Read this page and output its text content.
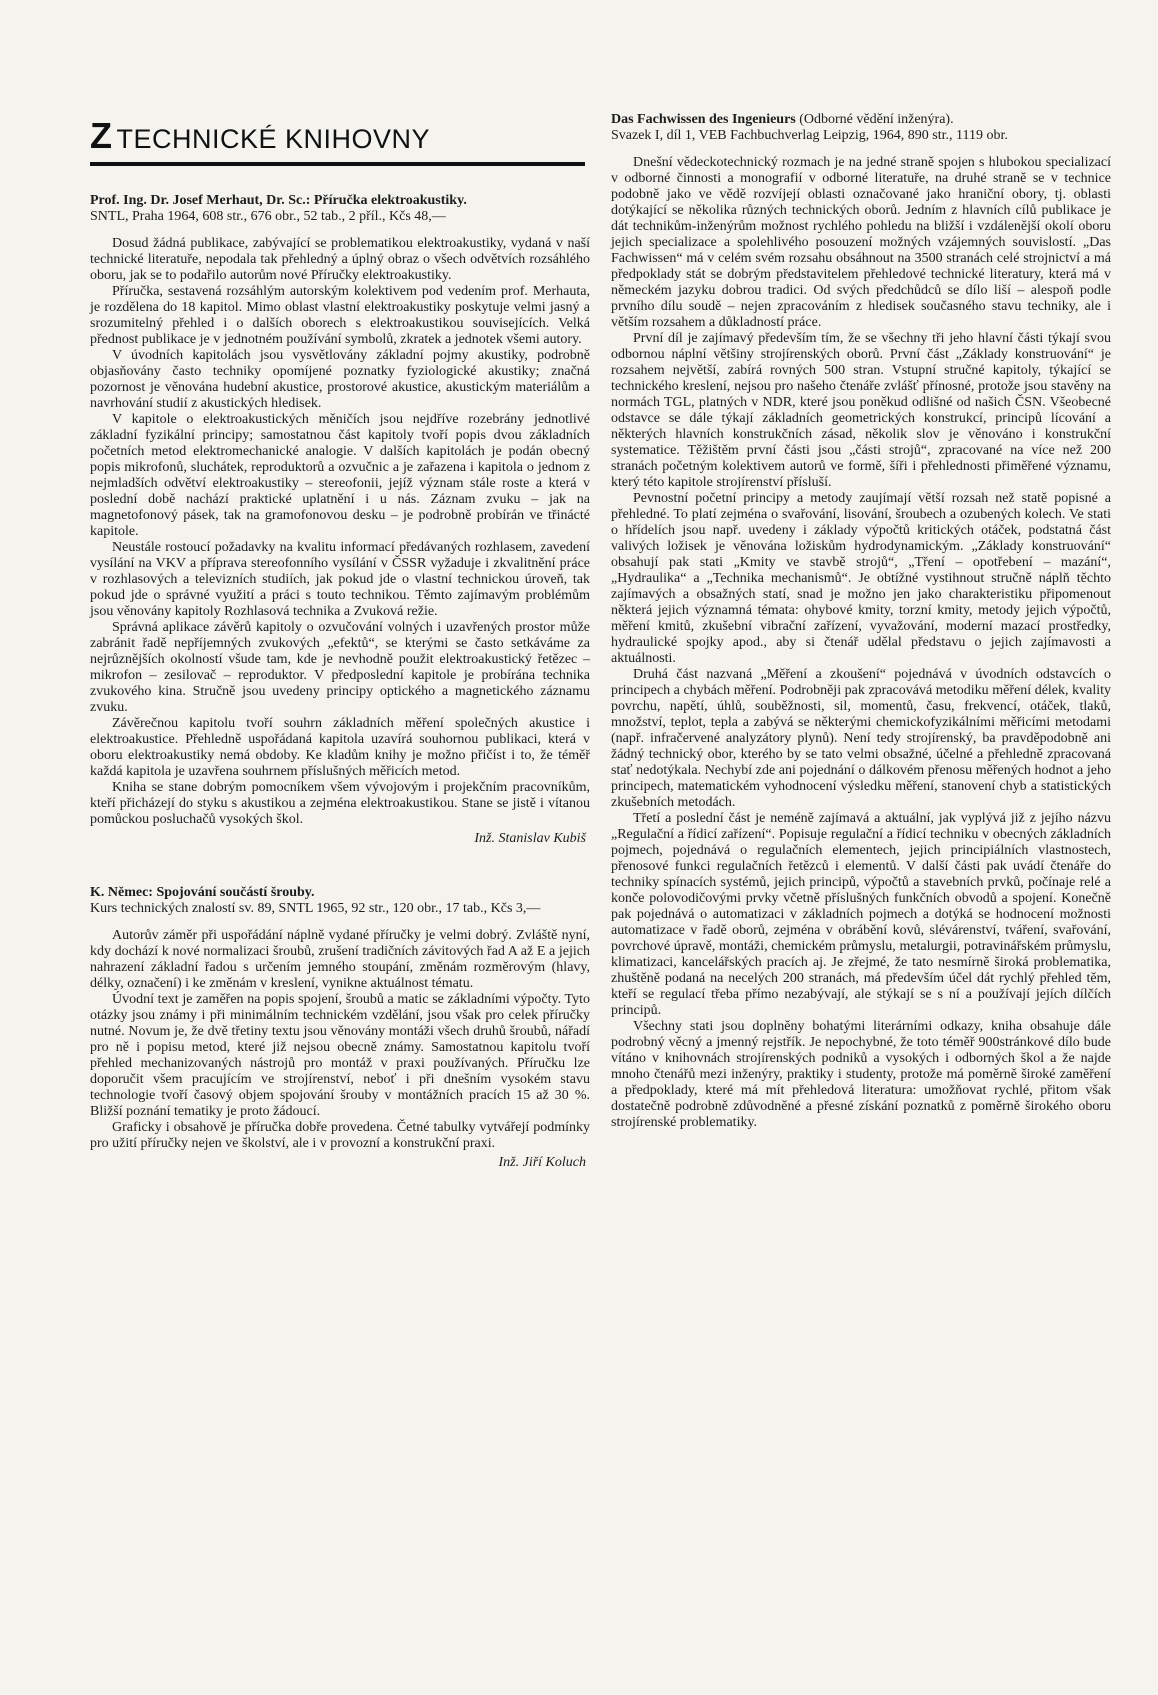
Z TECHNICKÉ KNIHOVNY
Prof. Ing. Dr. Josef Merhaut, Dr. Sc.: Příručka elektroakustiky.
SNTL, Praha 1964, 608 str., 676 obr., 52 tab., 2 příl., Kčs 48,—

Dosud žádná publikace, zabývající se problematikou elektroakustiky, vydaná v naší technické literatuře, nepodala tak přehledný a úplný obraz o všech odvětvích rozsáhlého oboru, jak se to podařilo autorům nové Příručky elektroakustiky.

Příručka, sestavená rozsáhlým autorským kolektivem pod vedením prof. Merhauta, je rozdělena do 18 kapitol. Mimo oblast vlastní elektroakustiky poskytuje velmi jasný a srozumitelný přehled i o dalších oborech s elektroakustikou souvisejících. Velká přednost publikace je v jednotném používání symbolů, zkratek a jednotek všemi autory.

V úvodních kapitolách jsou vysvětlovány základní pojmy akustiky, podrobně objasňovány často techniky opomíjené poznatky fyziologické akustiky; značná pozornost je věnována hudební akustice, prostorové akustice, akustickým materiálům a navrhování studií z akustických hledisek.

V kapitole o elektroakustických měničích jsou nejdříve rozebrány jednotlivé základní fyzikální principy; samostatnou část kapitoly tvoří popis dvou základních početních metod elektromechanické analogie. V dalších kapitolách je podán obecný popis mikrofonů, sluchátek, reproduktorů a ozvučnic a je zařazena i kapitola o jednom z nejmladších odvětví elektroakustiky – stereofonii, jejíž význam stále roste a která v poslední době nachází praktické uplatnění i u nás. Záznam zvuku – jak na magnetofonový pásek, tak na gramofonovou desku – je podrobně probírán ve třinácté kapitole.

Neustále rostoucí požadavky na kvalitu informací předávaných rozhlasem, zavedení vysílání na VKV a příprava stereofonního vysílání v ČSSR vyžaduje i zkvalitnění práce v rozhlasových a televizních studiích, jak pokud jde o vlastní technickou úroveň, tak pokud jde o správné využití a práci s touto technikou. Těmto zajímavým problémům jsou věnovány kapitoly Rozhlasová technika a Zvuková režie.

Správná aplikace závěrů kapitoly o ozvučování volných i uzavřených prostor může zabránit řadě nepříjemných zvukových „efektů“, se kterými se často setkáváme za nejrůznějších okolností všude tam, kde je nevhodně použit elektroakustický řetězec – mikrofon – zesilovač – reproduktor. V předposlední kapitole je probírána technika zvukového kina. Stručně jsou uvedeny principy optického a magnetického záznamu zvuku.

Závěrečnou kapitolu tvoří souhrn základních měření společných akustice i elektroakustice. Přehledně uspořádaná kapitola uzavírá souhornou publikaci, která v oboru elektroakustiky nemá obdoby. Ke kladům knihy je možno přičíst i to, že téměř každá kapitola je uzavřena souhrnem příslušných měřicích metod.

Kniha se stane dobrým pomocníkem všem vývojovým i projekčním pracovníkům, kteří přicházejí do styku s akustikou a zejména elektroakustikou. Stane se jistě i vítanou pomůckou posluchačů vysokých škol.

Inž. Stanislav Kubiš
K. Němec: Spojování součástí šrouby.
Kurs technických znalostí sv. 89, SNTL 1965, 92 str., 120 obr., 17 tab., Kčs 3,—

Autorův záměr při uspořádání náplně vydané příručky je velmi dobrý. Zvláště nyní, kdy dochází k nové normalizaci šroubů, zrušení tradičních závitových řad A až E a jejich nahrazení základní řadou s určením jemného stoupání, změnám rozměrovým (hlavy, délky, označení) i ke změnám v kreslení, vynikne aktuálnost tématu.

Úvodní text je zaměřen na popis spojení, šroubů a matic se základními výpočty. Tyto otázky jsou známy i při minimálním technickém vzdělání, jsou však pro celek příručky nutné. Novum je, že dvě třetiny textu jsou věnovány montáži všech druhů šroubů, nářadí pro ně i popisu metod, které již nejsou obecně známy. Samostatnou kapitolu tvoří přehled mechanizovaných nástrojů pro montáž v praxi používaných. Příručku lze doporučit všem pracujícím ve strojírenství, neboť i při dnešním vysokém stavu technologie tvoří časový objem spojování šrouby v montážních pracích 15 až 30 %. Bližší poznání tematiky je proto žádoucí.

Graficky i obsahově je příručka dobře provedena. Četné tabulky vytvářejí podmínky pro užití příručky nejen ve školství, ale i v provozní a konstrukční praxi.

Inž. Jiří Koluch
Das Fachwissen des Ingenieurs (Odborné vědění inženýra).
Svazek I, díl 1, VEB Fachbuchverlag Leipzig, 1964, 890 str., 1119 obr.

Dnešní vědeckotechnický rozmach je na jedné straně spojen s hlubokou specializací v odborné činnosti a monografií v odborné literatuře, na druhé straně se v technice podobně jako ve vědě rozvíjejí oblasti označované jako hraniční obory, tj. oblasti dotýkající se několika různých technických oborů. Jedním z hlavních cílů publikace je dát technikům-inženýrům možnost rychlého pohledu na bližší i vzdálenější okolí oboru jejich specializace a spolehlivého posouzení možných vzájemných souvislostí. „Das Fachwissen“ má v celém svém rozsahu obsáhnout na 3500 stranách celé strojnictví a má předpoklady stát se dobrým představitelem přehledové technické literatury, která má v německém jazyku dobrou tradici. Od svých předchůdců se dílo liší – alespoň podle prvního dílu soudě – nejen zpracováním z hledisek současného stavu techniky, ale i větším rozsahem a důkladností práce.

První díl je zajímavý především tím, že se všechny tři jeho hlavní části týkají svou odbornou náplní většiny strojírenských oborů. První část „Základy konstruování“ je rozsahem největší, zabírá rovných 500 stran. Vstupní stručné kapitoly, týkající se technického kreslení, nejsou pro našeho čtenáře zvlášť přínosné, protože jsou stavěny na normách TGL, platných v NDR, které jsou poněkud odlišné od našich ČSN. Všeobecné odstavce se dále týkají základních geometrických konstrukcí, principů lícování a některých hlavních konstrukčních zásad, několik slov je věnováno i konstrukční systematice. Těžištěm první části jsou „části strojů“, zpracované na více než 200 stranách početným kolektivem autorů ve formě, šíři i přehlednosti přiměřené významu, který této kapitole strojírenství přísluší.

Pevnostní početní principy a metody zaujímají větší rozsah než statě popisné a přehledné. To platí zejména o svařování, lisování, šroubech a ozubených kolech. Ve stati o hřídelích jsou např. uvedeny i základy výpočtů kritických otáček, podstatná část valivých ložisek je věnována ložiskům hydrodynamickým. „Základy konstruování“ obsahují pak stati „Kmity ve stavbě strojů“, „Tření – opotřebení – mazání“, „Hydraulika“ a „Technika mechanismů“. Je obtížné vystihnout stručně náplň těchto zajímavých a obsažných statí, snad je možno jen jako charakteristiku připomenout některá jejich významná témata: ohybové kmity, torzní kmity, metody jejich výpočtů, měření kmitů, zkušební vibrační zařízení, vyvažování, moderní mazací prostředky, hydraulické spojky apod., aby si čtenář udělal představu o jejich zajímavosti a aktuálnosti.

Druhá část nazvaná „Měření a zkoušení“ pojednává v úvodních odstavcích o principech a chybách měření. Podrobněji pak zpracovává metodiku měření délek, kvality povrchu, napětí, úhlů, souběžnosti, sil, momentů, času, frekvencí, otáček, tlaků, množství, teplot, tepla a zabývá se některými chemickofyzikálními měřicími metodami (např. infračervené analyzátory plynů). Není tedy strojírenský, ba pravděpodobně ani žádný technický obor, kterého by se tato velmi obsažné, účelné a přehledně zpracovaná stať nedotýkala. Nechybí zde ani pojednání o dálkovém přenosu měřených hodnot a jeho principech, matematickém vyhodnocení výsledku měření, stanovení chyb a statistických zkušebních metodách.

Třetí a poslední část je neméně zajímavá a aktuální, jak vyplývá již z jejího názvu „Regulační a řídicí zařízení“. Popisuje regulační a řídicí techniku v obecných základních pojmech, pojednává o regulačních elementech, jejich principiálních vlastnostech, přenosové funkci regulačních řetězců i elementů. V další části pak uvádí čtenáře do techniky spínacích systémů, jejich principů, výpočtů a stavebních prvků, počínaje relé a konče polovodičovými prvky včetně příslušných funkčních obvodů a spojení. Konečně pak pojednává o automatizaci v základních pojmech a dotýká se hodnocení možnosti automatizace v řadě oborů, zejména v obrábění kovů, slévárenství, tváření, svařování, povrchové úpravě, montáži, chemickém průmyslu, metalurgii, potravinářském průmyslu, klimatizaci, kancelářských pracích aj. Je zřejmé, že tato nesmírně široká problematika, zhuštěně podaná na necelých 200 stranách, má především účel dát rychlý přehled těm, kteří se regulací třeba přímo nezabývají, ale stýkají se s ní a používají jejích dílčích principů.

Všechny stati jsou doplněny bohatými literárními odkazy, kniha obsahuje dále podrobný věcný a jmenný rejstřík. Je nepochybné, že toto téměř 900stránkové dílo bude vítáno v knihovnách strojírenských podniků a vysokých i odborných škol a že najde mnoho čtenářů mezi inženýry, praktiky i studenty, protože má poměrně široké zaměření a předpoklady, které má mít přehledová literatura: umožňovat rychlé, přitom však dostatečně podrobně zdůvodněné a přesné získání poznatků z poměrně širokého oboru strojírenské problematiky.
